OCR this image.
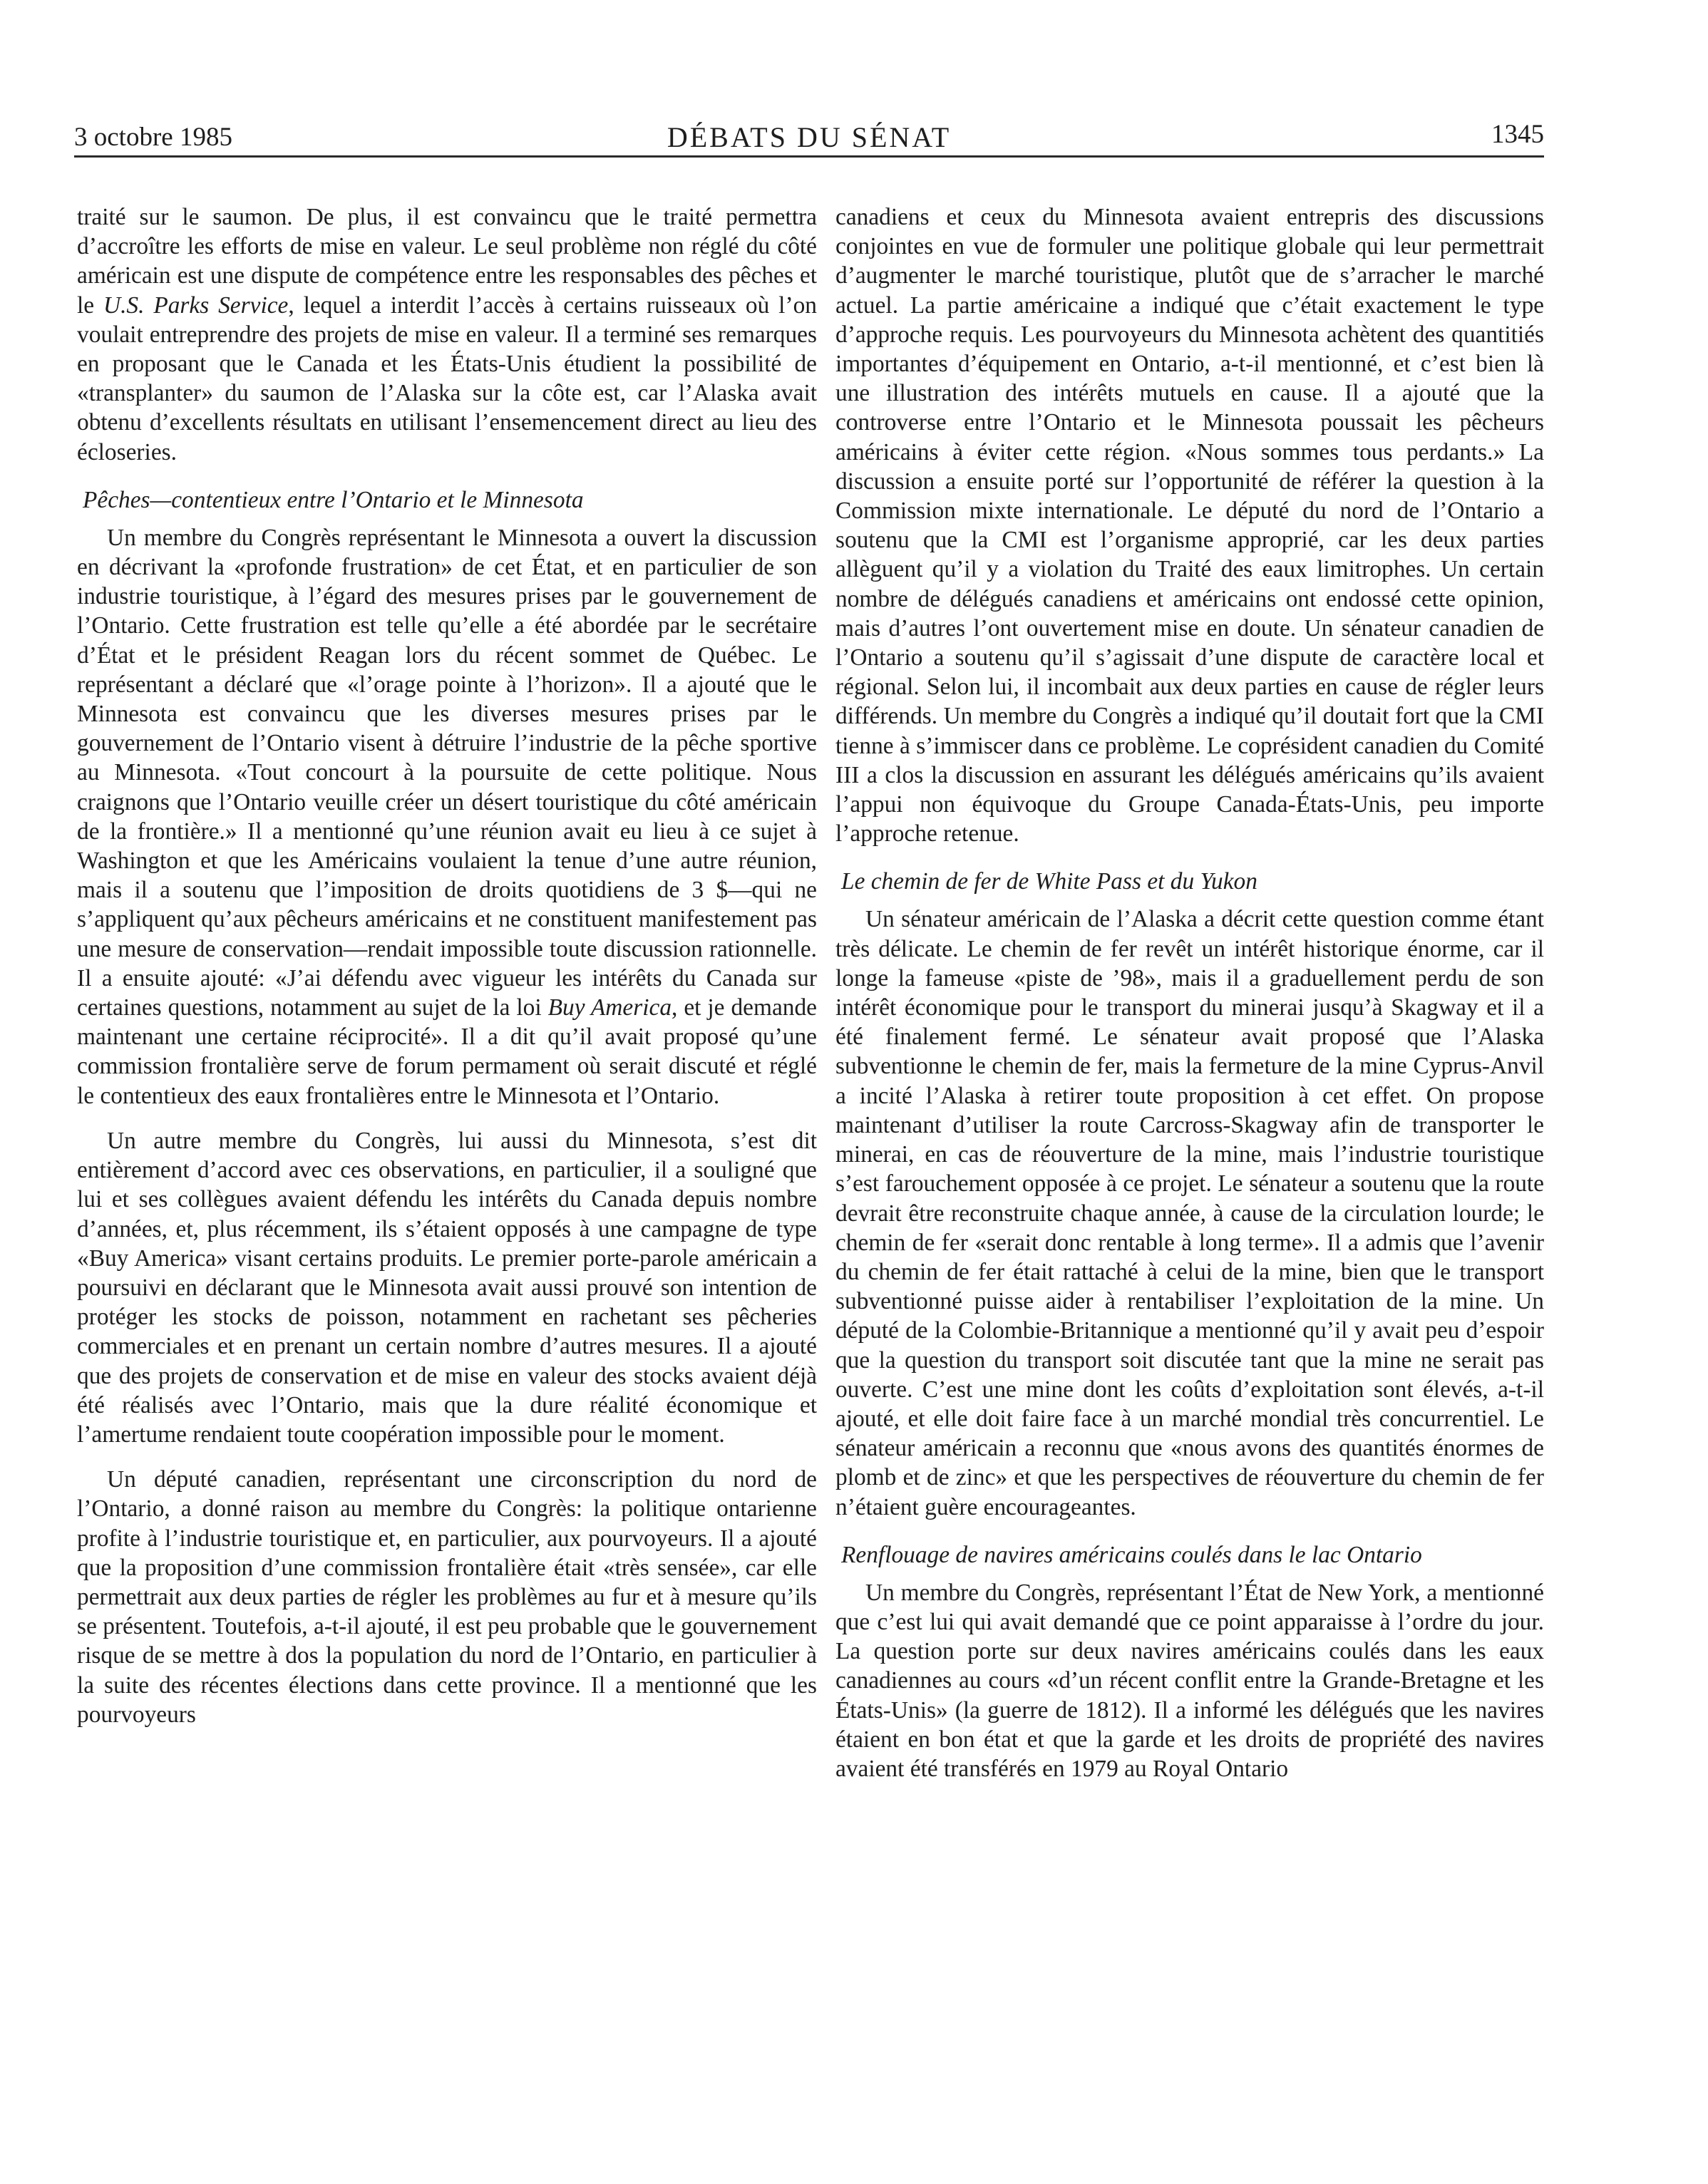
3 octobre 1985	DÉBATS DU SÉNAT	1345

traité sur le saumon. De plus, il est convaincu que le traité permettra d’accroître les efforts de mise en valeur. Le seul problème non réglé du côté américain est une dispute de compétence entre les responsables des pêches et le U.S. Parks Service, lequel a interdit l’accès à certains ruisseaux où l’on voulait entreprendre des projets de mise en valeur. Il a terminé ses remarques en proposant que le Canada et les États-Unis étudient la possibilité de «transplanter» du saumon de l’Alaska sur la côte est, car l’Alaska avait obtenu d’excellents résultats en utilisant l’ensemencement direct au lieu des écloseries.

Pêches—contentieux entre l’Ontario et le Minnesota

Un membre du Congrès représentant le Minnesota a ouvert la discussion en décrivant la «profonde frustration» de cet État, et en particulier de son industrie touristique, à l’égard des mesures prises par le gouvernement de l’Ontario. Cette frustration est telle qu’elle a été abordée par le secrétaire d’État et le président Reagan lors du récent sommet de Québec. Le représentant a déclaré que «l’orage pointe à l’horizon». Il a ajouté que le Minnesota est convaincu que les diverses mesures prises par le gouvernement de l’Ontario visent à détruire l’industrie de la pêche sportive au Minnesota. «Tout concourt à la poursuite de cette politique. Nous craignons que l’Ontario veuille créer un désert touristique du côté américain de la frontière.» Il a mentionné qu’une réunion avait eu lieu à ce sujet à Washington et que les Américains voulaient la tenue d’une autre réunion, mais il a soutenu que l’imposition de droits quotidiens de 3 $—qui ne s’appliquent qu’aux pêcheurs américains et ne constituent manifestement pas une mesure de conservation—rendait impossible toute discussion rationnelle. Il a ensuite ajouté: «J’ai défendu avec vigueur les intérêts du Canada sur certaines questions, notamment au sujet de la loi Buy America, et je demande maintenant une certaine réciprocité». Il a dit qu’il avait proposé qu’une commission frontalière serve de forum permament où serait discuté et réglé le contentieux des eaux frontalières entre le Minnesota et l’Ontario.

Un autre membre du Congrès, lui aussi du Minnesota, s’est dit entièrement d’accord avec ces observations, en particulier, il a souligné que lui et ses collègues avaient défendu les intérêts du Canada depuis nombre d’années, et, plus récemment, ils s’étaient opposés à une campagne de type «Buy America» visant certains produits. Le premier porte-parole américain a poursuivi en déclarant que le Minnesota avait aussi prouvé son intention de protéger les stocks de poisson, notamment en rachetant ses pêcheries commerciales et en prenant un certain nombre d’autres mesures. Il a ajouté que des projets de conservation et de mise en valeur des stocks avaient déjà été réalisés avec l’Ontario, mais que la dure réalité économique et l’amertume rendaient toute coopération impossible pour le moment.

Un député canadien, représentant une circonscription du nord de l’Ontario, a donné raison au membre du Congrès: la politique ontarienne profite à l’industrie touristique et, en particulier, aux pourvoyeurs. Il a ajouté que la proposition d’une commission frontalière était «très sensée», car elle permettrait aux deux parties de régler les problèmes au fur et à mesure qu’ils se présentent. Toutefois, a-t-il ajouté, il est peu probable que le gouvernement risque de se mettre à dos la population du nord de l’Ontario, en particulier à la suite des récentes élections dans cette province. Il a mentionné que les pourvoyeurs

canadiens et ceux du Minnesota avaient entrepris des discussions conjointes en vue de formuler une politique globale qui leur permettrait d’augmenter le marché touristique, plutôt que de s’arracher le marché actuel. La partie américaine a indiqué que c’était exactement le type d’approche requis. Les pourvoyeurs du Minnesota achètent des quantitiés importantes d’équipement en Ontario, a-t-il mentionné, et c’est bien là une illustration des intérêts mutuels en cause. Il a ajouté que la controverse entre l’Ontario et le Minnesota poussait les pêcheurs américains à éviter cette région. «Nous sommes tous perdants.» La discussion a ensuite porté sur l’opportunité de référer la question à la Commission mixte internationale. Le député du nord de l’Ontario a soutenu que la CMI est l’organisme approprié, car les deux parties allèguent qu’il y a violation du Traité des eaux limitrophes. Un certain nombre de délégués canadiens et américains ont endossé cette opinion, mais d’autres l’ont ouvertement mise en doute. Un sénateur canadien de l’Ontario a soutenu qu’il s’agissait d’une dispute de caractère local et régional. Selon lui, il incombait aux deux parties en cause de régler leurs différends. Un membre du Congrès a indiqué qu’il doutait fort que la CMI tienne à s’immiscer dans ce problème. Le coprésident canadien du Comité III a clos la discussion en assurant les délégués américains qu’ils avaient l’appui non équivoque du Groupe Canada-États-Unis, peu importe l’approche retenue.

Le chemin de fer de White Pass et du Yukon

Un sénateur américain de l’Alaska a décrit cette question comme étant très délicate. Le chemin de fer revêt un intérêt historique énorme, car il longe la fameuse «piste de ’98», mais il a graduellement perdu de son intérêt économique pour le transport du minerai jusqu’à Skagway et il a été finalement fermé. Le sénateur avait proposé que l’Alaska subventionne le chemin de fer, mais la fermeture de la mine Cyprus-Anvil a incité l’Alaska à retirer toute proposition à cet effet. On propose maintenant d’utiliser la route Carcross-Skagway afin de transporter le minerai, en cas de réouverture de la mine, mais l’industrie touristique s’est farouchement opposée à ce projet. Le sénateur a soutenu que la route devrait être reconstruite chaque année, à cause de la circulation lourde; le chemin de fer «serait donc rentable à long terme». Il a admis que l’avenir du chemin de fer était rattaché à celui de la mine, bien que le transport subventionné puisse aider à rentabiliser l’exploitation de la mine. Un député de la Colombie-Britannique a mentionné qu’il y avait peu d’espoir que la question du transport soit discutée tant que la mine ne serait pas ouverte. C’est une mine dont les coûts d’exploitation sont élevés, a-t-il ajouté, et elle doit faire face à un marché mondial très concurrentiel. Le sénateur américain a reconnu que «nous avons des quantités énormes de plomb et de zinc» et que les perspectives de réouverture du chemin de fer n’étaient guère encourageantes.

Renflouage de navires américains coulés dans le lac Ontario

Un membre du Congrès, représentant l’État de New York, a mentionné que c’est lui qui avait demandé que ce point apparaisse à l’ordre du jour. La question porte sur deux navires américains coulés dans les eaux canadiennes au cours «d’un récent conflit entre la Grande-Bretagne et les États-Unis» (la guerre de 1812). Il a informé les délégués que les navires étaient en bon état et que la garde et les droits de propriété des navires avaient été transférés en 1979 au Royal Ontario
